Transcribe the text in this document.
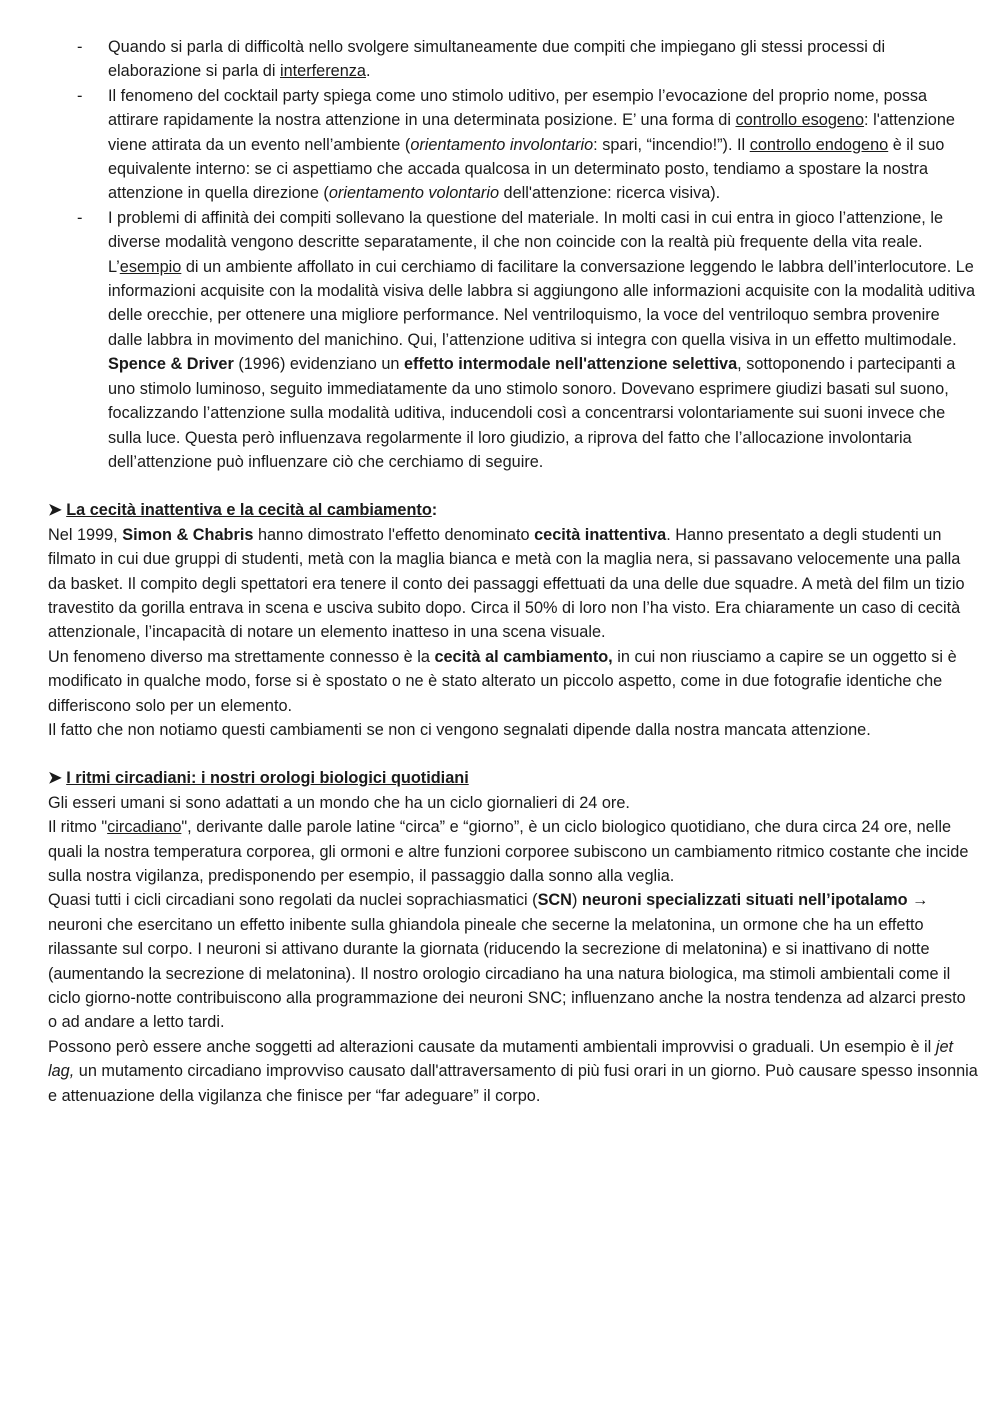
- Quando si parla di difficoltà nello svolgere simultaneamente due compiti che impiegano gli stessi processi di elaborazione si parla di interferenza.
- Il fenomeno del cocktail party spiega come uno stimolo uditivo, per esempio l’evocazione del proprio nome, possa attirare rapidamente la nostra attenzione in una determinata posizione. E’ una forma di controllo esogeno: l'attenzione viene attirata da un evento nell’ambiente (orientamento involontario: spari, “incendio!”). Il controllo endogeno è il suo equivalente interno: se ci aspettiamo che accada qualcosa in un determinato posto, tendiamo a spostare la nostra attenzione in quella direzione (orientamento volontario dell'attenzione: ricerca visiva).
- I problemi di affinità dei compiti sollevano la questione del materiale. In molti casi in cui entra in gioco l’attenzione, le diverse modalità vengono descritte separatamente, il che non coincide con la realtà più frequente della vita reale. L’esempio di un ambiente affollato in cui cerchiamo di facilitare la conversazione leggendo le labbra dell’interlocutore. Le informazioni acquisite con la modalità visiva delle labbra si aggiungono alle informazioni acquisite con la modalità uditiva delle orecchie, per ottenere una migliore performance. Nel ventriloquismo, la voce del ventriloquo sembra provenire dalle labbra in movimento del manichino. Qui, l’attenzione uditiva si integra con quella visiva in un effetto multimodale.
Spence & Driver (1996) evidenziano un effetto intermodale nell'attenzione selettiva, sottoponendo i partecipanti a uno stimolo luminoso, seguito immediatamente da uno stimolo sonoro. Dovevano esprimere giudizi basati sul suono, focalizzando l’attenzione sulla modalità uditiva, inducendoli così a concentrarsi volontariamente sui suoni invece che sulla luce. Questa però influenzava regolarmente il loro giudizio, a riprova del fatto che l’allocazione involontaria dell’attenzione può influenzare ciò che cerchiamo di seguire.
➤ La cecità inattentiva e la cecità al cambiamento:
Nel 1999, Simon & Chabris hanno dimostrato l'effetto denominato cecità inattentiva. Hanno presentato a degli studenti un filmato in cui due gruppi di studenti, metà con la maglia bianca e metà con la maglia nera, si passavano velocemente una palla da basket. Il compito degli spettatori era tenere il conto dei passaggi effettuati da una delle due squadre. A metà del film un tizio travestito da gorilla entrava in scena e usciva subito dopo. Circa il 50% di loro non l’ha visto. Era chiaramente un caso di cecità attenzionale, l’incapacità di notare un elemento inatteso in una scena visuale.
Un fenomeno diverso ma strettamente connesso è la cecità al cambiamento, in cui non riusciamo a capire se un oggetto si è modificato in qualche modo, forse si è spostato o ne è stato alterato un piccolo aspetto, come in due fotografie identiche che differiscono solo per un elemento.
Il fatto che non notiamo questi cambiamenti se non ci vengono segnalati dipende dalla nostra mancata attenzione.
➤ I ritmi circadiani: i nostri orologi biologici quotidiani
Gli esseri umani si sono adattati a un mondo che ha un ciclo giornalieri di 24 ore.
Il ritmo "circadiano", derivante dalle parole latine “circa” e “giorno”, è un ciclo biologico quotidiano, che dura circa 24 ore, nelle quali la nostra temperatura corporea, gli ormoni e altre funzioni corporee subiscono un cambiamento ritmico costante che incide sulla nostra vigilanza, predisponendo per esempio, il passaggio dalla sonno alla veglia.
Quasi tutti i cicli circadiani sono regolati da nuclei soprachiasmatici (SCN) neuroni specializzati situati nell’ipotalamo → neuroni che esercitano un effetto inibente sulla ghiandola pineale che secerne la melatonina, un ormone che ha un effetto rilassante sul corpo. I neuroni si attivano durante la giornata (riducendo la secrezione di melatonina) e si inattivano di notte (aumentando la secrezione di melatonina). Il nostro orologio circadiano ha una natura biologica, ma stimoli ambientali come il ciclo giorno-notte contribuiscono alla programmazione dei neuroni SNC; influenzano anche la nostra tendenza ad alzarci presto o ad andare a letto tardi.
Possono però essere anche soggetti ad alterazioni causate da mutamenti ambientali improvvisi o graduali. Un esempio è il jet lag, un mutamento circadiano improvviso causato dall'attraversamento di più fusi orari in un giorno. Può causare spesso insonnia e attenuazione della vigilanza che finisce per “far adeguare” il corpo.
